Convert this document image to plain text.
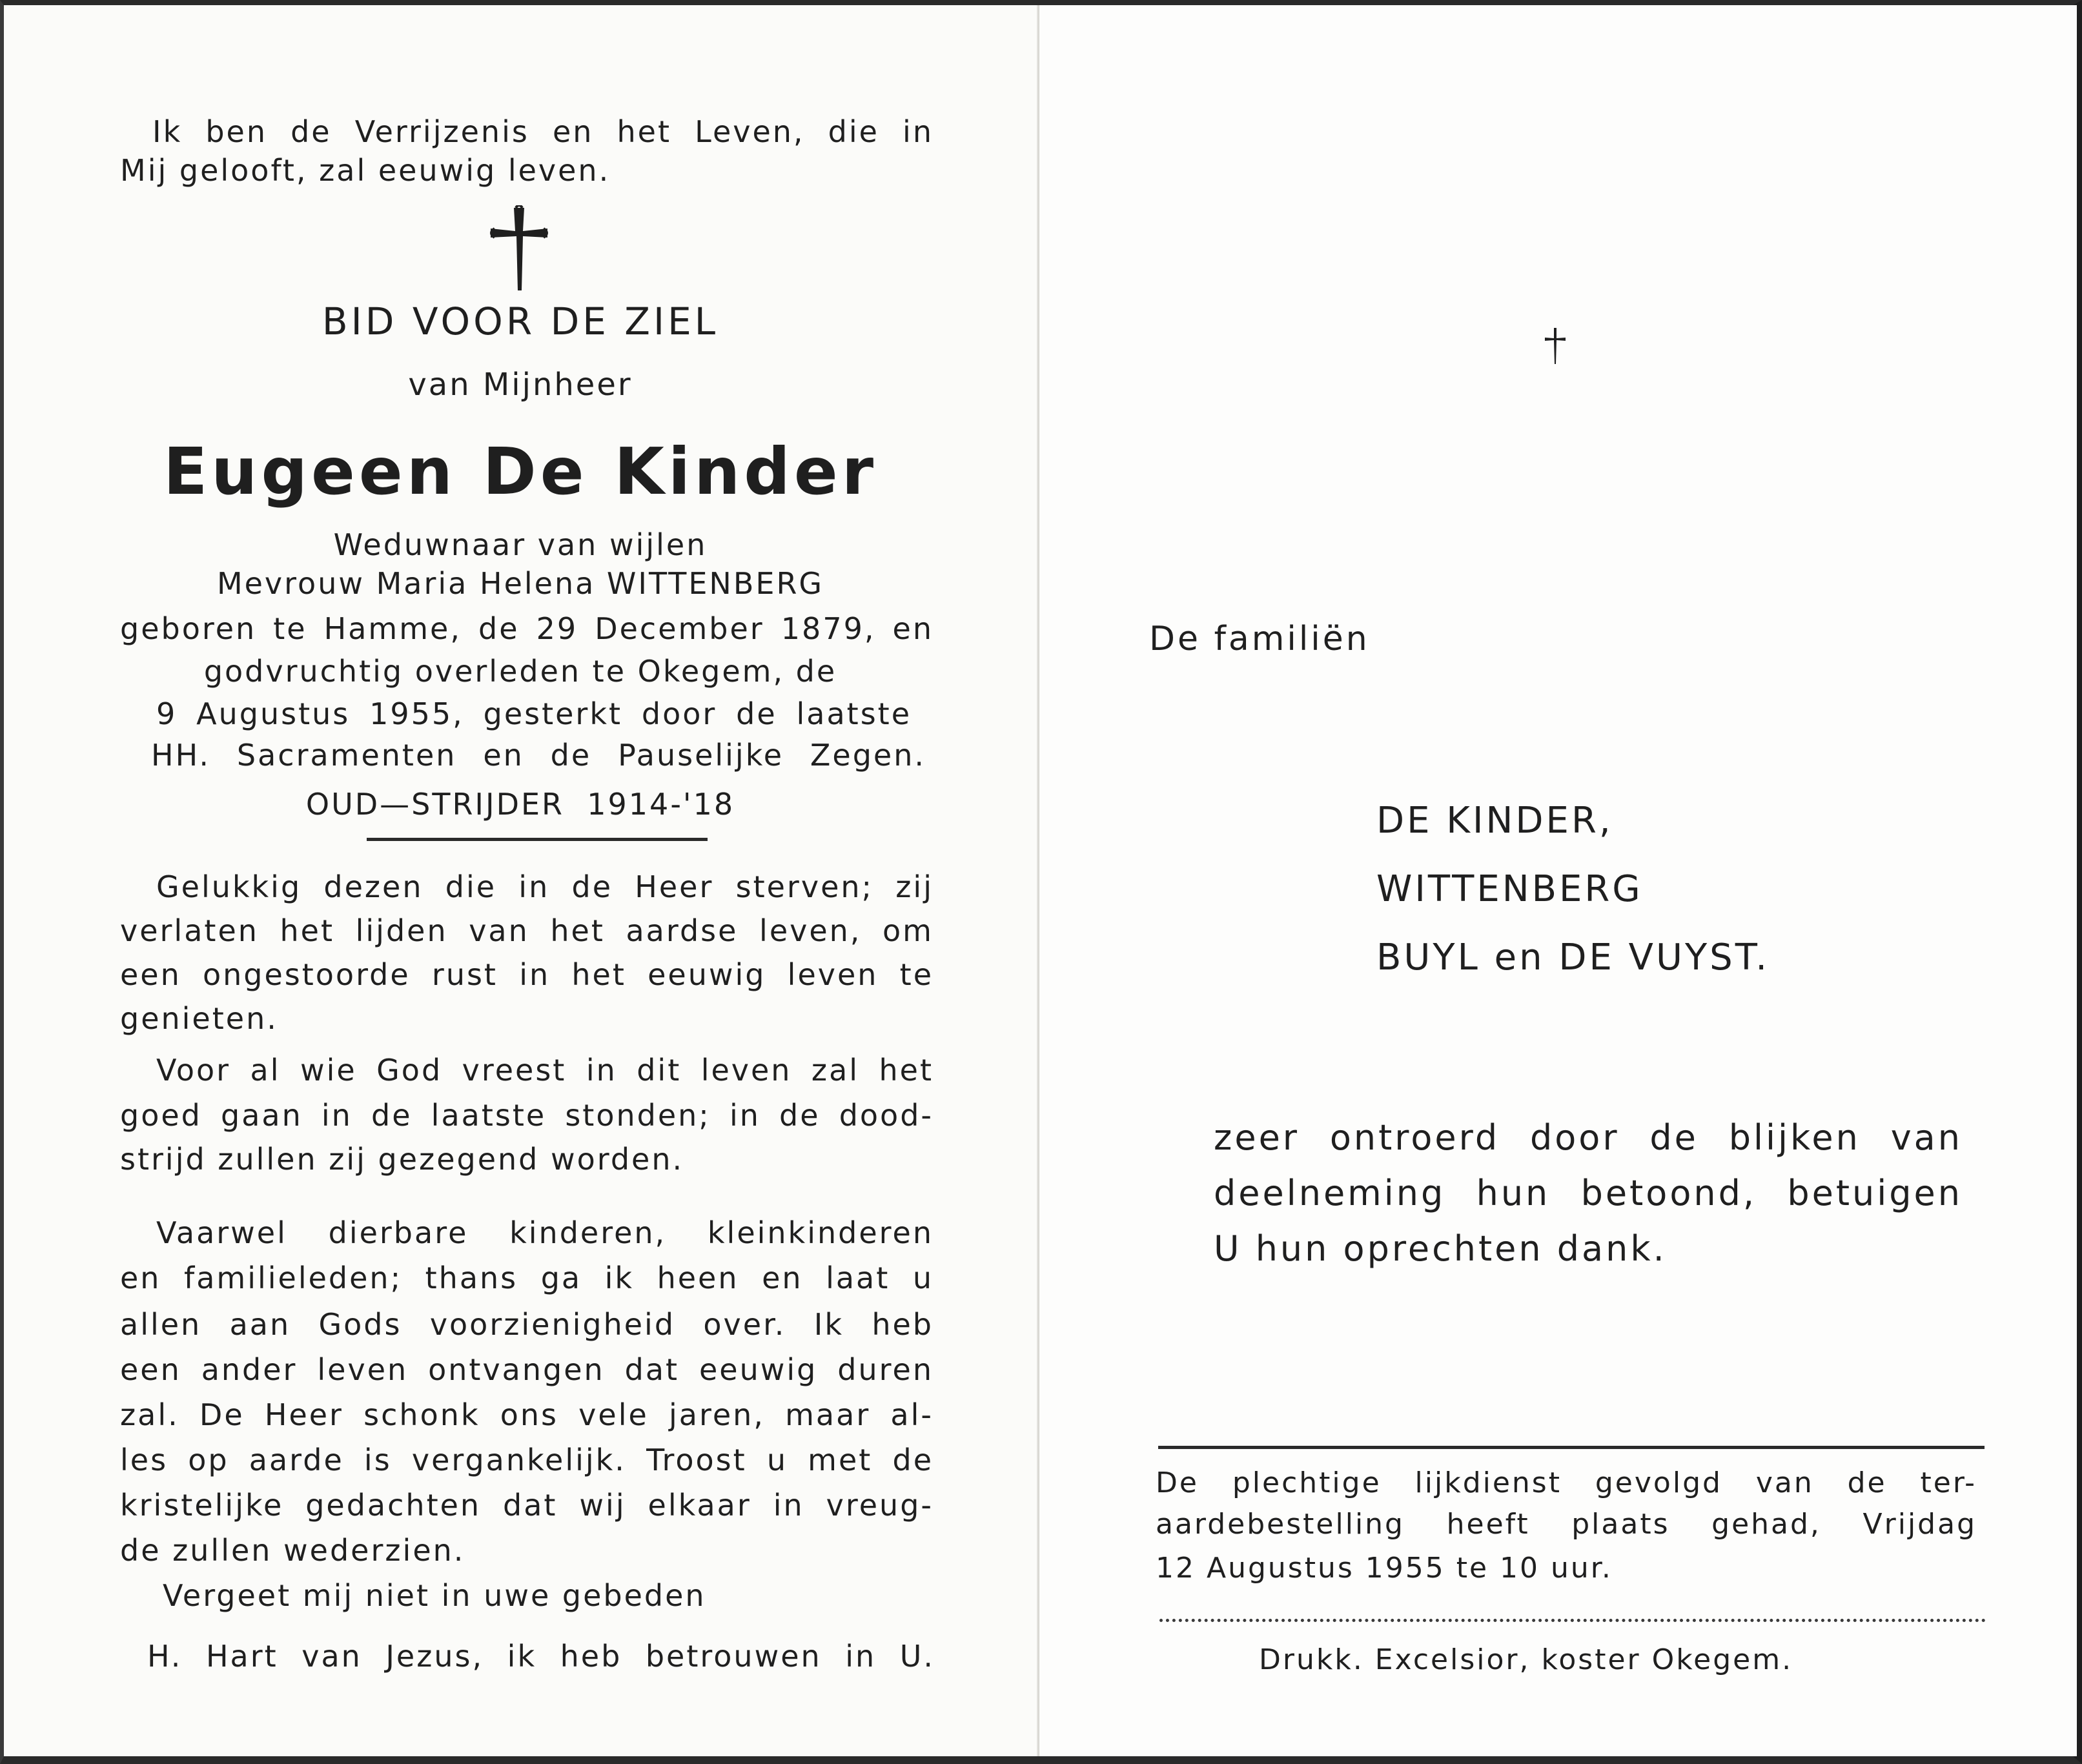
Ik ben de Verrijzenis en het Leven, die in

Mij gelooft, zal eeuwig leven.

BID VOOR DE ZIEL

van Mijnheer

Eugeen De Kinder

Weduwnaar van wijlen

Mevrouw Maria Helena WITTENBERG

geboren te Hamme, de 29 December 1879, en

godvruchtig overleden te Okegem, de

9 Augustus 1955, gesterkt door de laatste

HH. Sacramenten en de Pauselijke Zegen.

OUD—STRIJDER  1914-'18

Gelukkig dezen die in de Heer sterven; zij

verlaten het lijden van het aardse leven, om

een ongestoorde rust in het eeuwig leven te

genieten.

Voor al wie God vreest in dit leven zal het

goed gaan in de laatste stonden; in de dood-

strijd zullen zij gezegend worden.

Vaarwel dierbare kinderen, kleinkinderen

en familieleden; thans ga ik heen en laat u

allen aan Gods voorzienigheid over. Ik heb

een ander leven ontvangen dat eeuwig duren

zal. De Heer schonk ons vele jaren, maar al-

les op aarde is vergankelijk. Troost u met de

kristelijke gedachten dat wij elkaar in vreug-

de zullen wederzien.

Vergeet mij niet in uwe gebeden

H. Hart van Jezus, ik heb betrouwen in U.

De familiën

DE KINDER,

WITTENBERG

BUYL en DE VUYST.

zeer ontroerd door de blijken van

deelneming hun betoond, betuigen

U hun oprechten dank.

De plechtige lijkdienst gevolgd van de ter-

aardebestelling heeft plaats gehad, Vrijdag

12 Augustus 1955 te 10 uur.

Drukk. Excelsior, koster Okegem.
